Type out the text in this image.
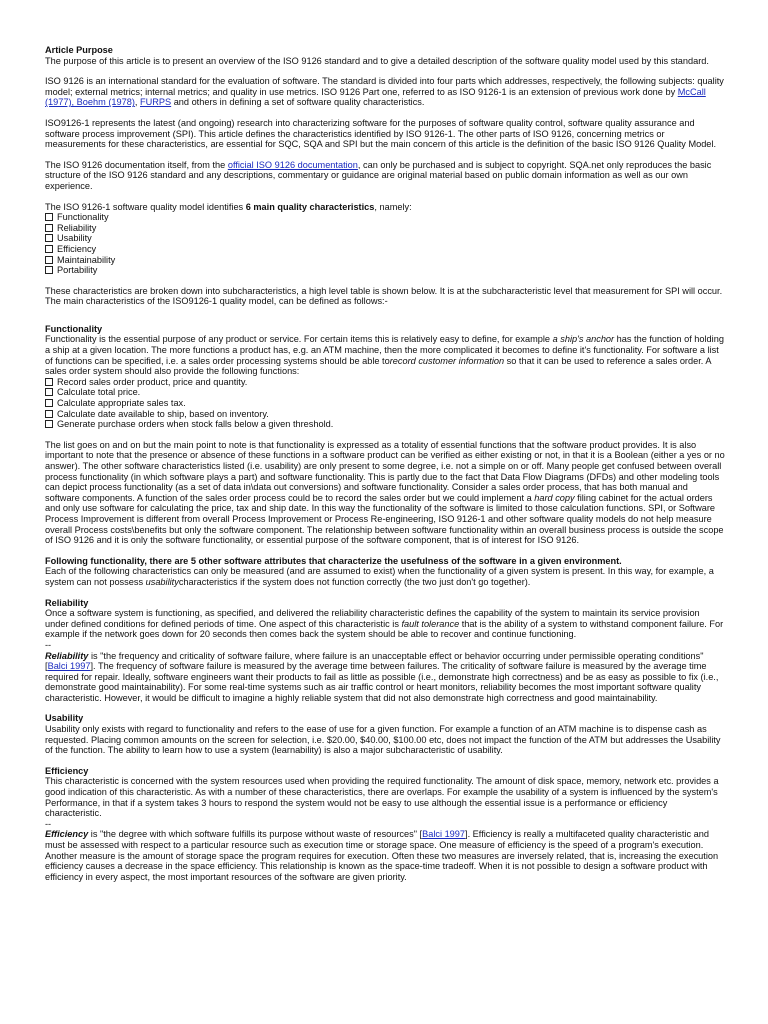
Article Purpose

The purpose of this article is to present an overview of the ISO 9126 standard and to give a detailed description of the software quality model used by this standard.

ISO 9126 is an international standard for the evaluation of software. The standard is divided into four parts which addresses, respectively, the following subjects: quality model; external metrics; internal metrics; and quality in use metrics. ISO 9126 Part one, referred to as ISO 9126-1 is an extension of previous work done by McCall (1977), Boehm (1978), FURPS and others in defining a set of software quality characteristics.

ISO9126-1 represents the latest (and ongoing) research into characterizing software for the purposes of software quality control, software quality assurance and software process improvement (SPI). This article defines the characteristics identified by ISO 9126-1. The other parts of ISO 9126, concerning metrics or measurements for these characteristics, are essential for SQC, SQA and SPI but the main concern of this article is the definition of the basic ISO 9126 Quality Model.

The ISO 9126 documentation itself, from the official ISO 9126 documentation, can only be purchased and is subject to copyright. SQA.net only reproduces the basic structure of the ISO 9126 standard and any descriptions, commentary or guidance are original material based on public domain information as well as our own experience.

The ISO 9126-1 software quality model identifies 6 main quality characteristics, namely:

Functionality
Reliability
Usability
Efficiency
Maintainability
Portability

These characteristics are broken down into subcharacteristics, a high level table is shown below. It is at the subcharacteristic level that measurement for SPI will occur. The main characteristics of the ISO9126-1 quality model, can be defined as follows:-

Functionality

Functionality is the essential purpose of any product or service. For certain items this is relatively easy to define, for example a ship's anchor has the function of holding a ship at a given location. The more functions a product has, e.g. an ATM machine, then the more complicated it becomes to define it's functionality. For software a list of functions can be specified, i.e. a sales order processing systems should be able torecord customer information so that it can be used to reference a sales order. A sales order system should also provide the following functions:

Record sales order product, price and quantity.
Calculate total price.
Calculate appropriate sales tax.
Calculate date available to ship, based on inventory.
Generate purchase orders when stock falls below a given threshold.

The list goes on and on but the main point to note is that functionality is expressed as a totality of essential functions that the software product provides. It is also important to note that the presence or absence of these functions in a software product can be verified as either existing or not, in that it is a Boolean (either a yes or no answer). The other software characteristics listed (i.e. usability) are only present to some degree, i.e. not a simple on or off. Many people get confused between overall process functionality (in which software plays a part) and software functionality. This is partly due to the fact that Data Flow Diagrams (DFDs) and other modeling tools can depict process functionality (as a set of data in\data out conversions) and software functionality. Consider a sales order process, that has both manual and software components. A function of the sales order process could be to record the sales order but we could implement a hard copy filing cabinet for the actual orders and only use software for calculating the price, tax and ship date. In this way the functionality of the software is limited to those calculation functions. SPI, or Software Process Improvement is different from overall Process Improvement or Process Re-engineering, ISO 9126-1 and other software quality models do not help measure overall Process costs\benefits but only the software component. The relationship between software functionality within an overall business process is outside the scope of ISO 9126 and it is only the software functionality, or essential purpose of the software component, that is of interest for ISO 9126.

Following functionality, there are 5 other software attributes that characterize the usefulness of the software in a given environment.
Each of the following characteristics can only be measured (and are assumed to exist) when the functionality of a given system is present. In this way, for example, a system can not possess usabilitycharacteristics if the system does not function correctly (the two just don't go together).

Reliability

Once a software system is functioning, as specified, and delivered the reliability characteristic defines the capability of the system to maintain its service provision under defined conditions for defined periods of time. One aspect of this characteristic is fault tolerance that is the ability of a system to withstand component failure. For example if the network goes down for 20 seconds then comes back the system should be able to recover and continue functioning.

--

Reliability is "the frequency and criticality of software failure, where failure is an unacceptable effect or behavior occurring under permissible operating conditions" [Balci 1997]. The frequency of software failure is measured by the average time between failures. The criticality of software failure is measured by the average time required for repair. Ideally, software engineers want their products to fail as little as possible (i.e., demonstrate high correctness) and be as easy as possible to fix (i.e., demonstrate good maintainability). For some real-time systems such as air traffic control or heart monitors, reliability becomes the most important software quality characteristic. However, it would be difficult to imagine a highly reliable system that did not also demonstrate high correctness and good maintainability.

Usability

Usability only exists with regard to functionality and refers to the ease of use for a given function. For example a function of an ATM machine is to dispense cash as requested. Placing common amounts on the screen for selection, i.e. $20.00, $40.00, $100.00 etc, does not impact the function of the ATM but addresses the Usability of the function. The ability to learn how to use a system (learnability) is also a major subcharacteristic of usability.

Efficiency

This characteristic is concerned with the system resources used when providing the required functionality. The amount of disk space, memory, network etc. provides a good indication of this characteristic. As with a number of these characteristics, there are overlaps. For example the usability of a system is influenced by the system's Performance, in that if a system takes 3 hours to respond the system would not be easy to use although the essential issue is a performance or efficiency characteristic.

--

Efficiency is "the degree with which software fulfills its purpose without waste of resources" [Balci 1997]. Efficiency is really a multifaceted quality characteristic and must be assessed with respect to a particular resource such as execution time or storage space. One measure of efficiency is the speed of a program's execution. Another measure is the amount of storage space the program requires for execution. Often these two measures are inversely related, that is, increasing the execution efficiency causes a decrease in the space efficiency. This relationship is known as the space-time tradeoff. When it is not possible to design a software product with efficiency in every aspect, the most important resources of the software are given priority.
